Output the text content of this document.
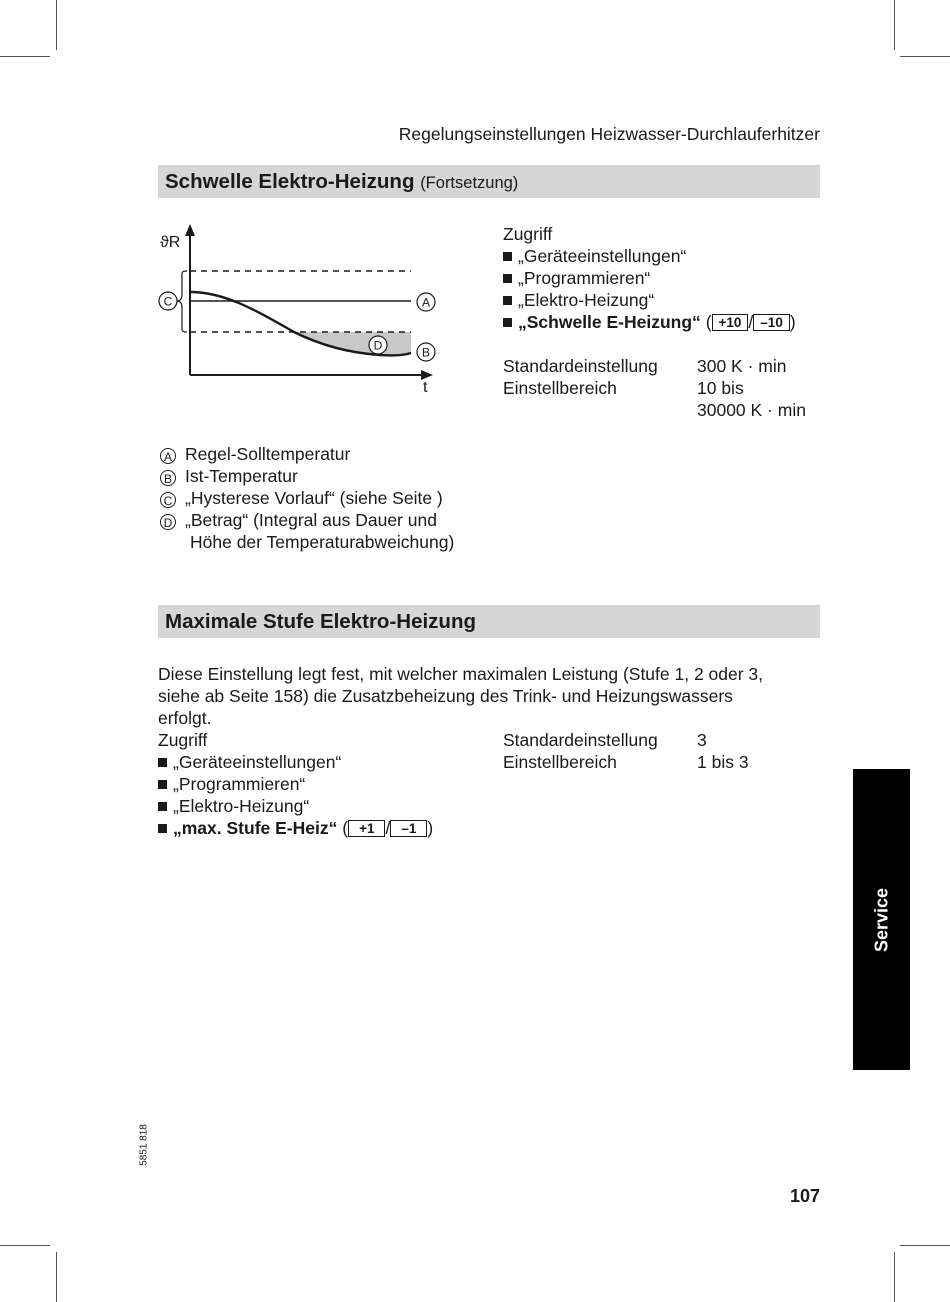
Regelungseinstellungen Heizwasser-Durchlauferhitzer
Schwelle Elektro-Heizung (Fortsetzung)
ϑR
t
C	A
B
D
Zugriff
„Geräteeinstellungen“
„Programmieren“
„Elektro-Heizung“
„Schwelle E-Heizung“ ( +10 / –10 )
Standardeinstellung 300 K · min
Einstellbereich	10 bis
30000 K · min
A Regel-Solltemperatur
B Ist-Temperatur
C „Hysterese Vorlauf“ (siehe Seite )
D „Betrag“ (Integral aus Dauer und
Höhe der Temperaturabweichung)
Maximale Stufe Elektro-Heizung
Diese Einstellung legt fest, mit welcher maximalen Leistung (Stufe 1, 2 oder 3,
siehe ab Seite 158) die Zusatzbeheizung des Trink- und Heizungswassers
erfolgt.
Zugriff
„Geräteeinstellungen“
„Programmieren“
„Elektro-Heizung“
„max. Stufe E-Heiz“ ( +1 / –1 )
Standardeinstellung 3
Einstellbereich	1 bis 3
Service
5851 818
107
